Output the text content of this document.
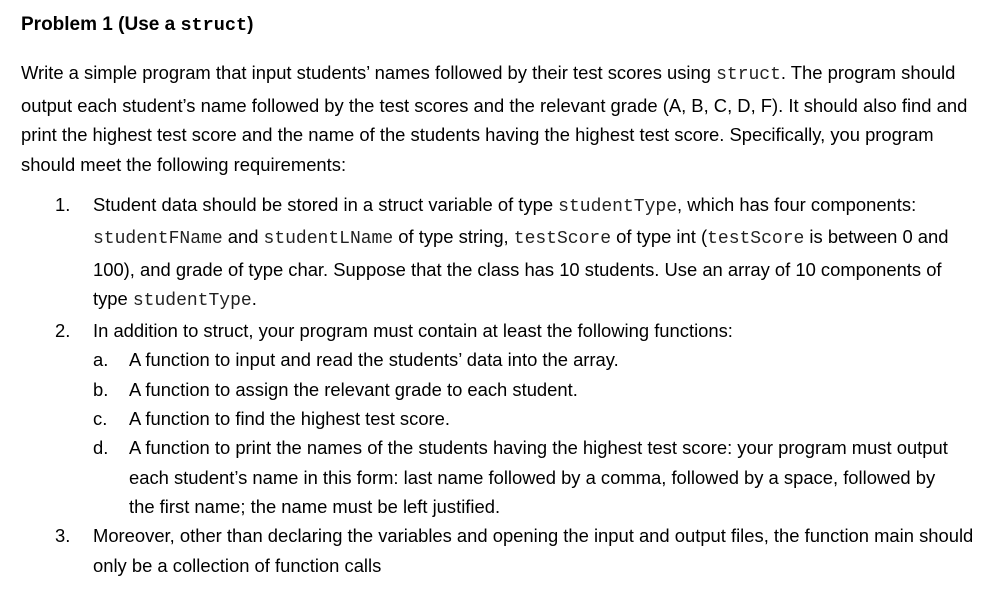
Problem 1 (Use a struct)
Write a simple program that input students’ names followed by their test scores using struct. The program should output each student’s name followed by the test scores and the relevant grade (A, B, C, D, F). It should also find and print the highest test score and the name of the students having the highest test score. Specifically, you program should meet the following requirements:
1. Student data should be stored in a struct variable of type studentType, which has four components: studentFName and studentLName of type string, testScore of type int (testScore is between 0 and 100), and grade of type char. Suppose that the class has 10 students. Use an array of 10 components of type studentType.
2. In addition to struct, your program must contain at least the following functions:
a. A function to input and read the students’ data into the array.
b. A function to assign the relevant grade to each student.
c. A function to find the highest test score.
d. A function to print the names of the students having the highest test score: your program must output each student’s name in this form: last name followed by a comma, followed by a space, followed by the first name; the name must be left justified.
3. Moreover, other than declaring the variables and opening the input and output files, the function main should only be a collection of function calls
